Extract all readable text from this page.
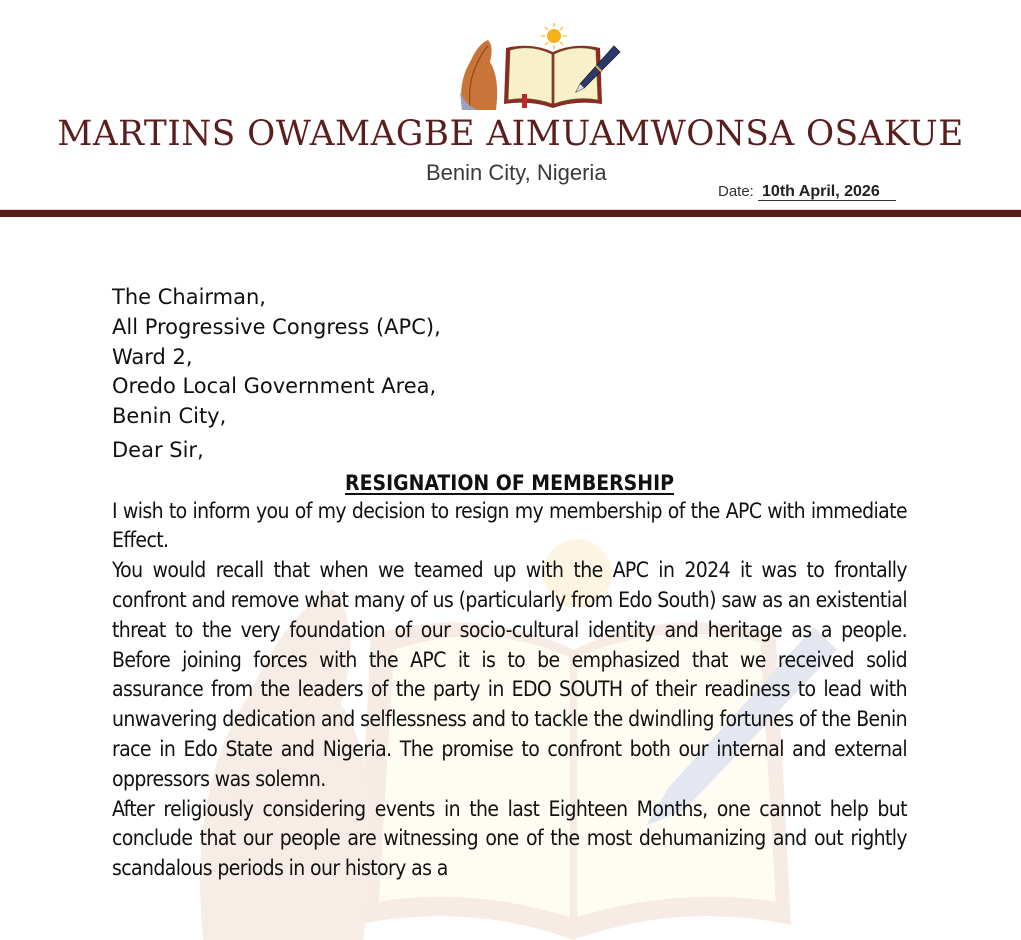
MARTINS OWAMAGBE AIMUAMWONSA OSAKUE
Benin City, Nigeria
Date: 10th April, 2026
The Chairman,
All Progressive Congress (APC),
Ward 2,
Oredo Local Government Area,
Benin City,
Dear Sir,
RESIGNATION OF MEMBERSHIP

I wish to inform you of my decision to resign my membership of the APC with immediate Effect.

You would recall that when we teamed up with the APC in 2024 it was to frontally confront and remove what many of us (particularly from Edo South) saw as an existential threat to the very foundation of our socio-cultural identity and heritage as a people. Before joining forces with the APC it is to be emphasized that we received solid assurance from the leaders of the party in EDO SOUTH of their readiness to lead with unwavering dedication and selflessness and to tackle the dwindling fortunes of the Benin race in Edo State and Nigeria. The promise to confront both our internal and external oppressors was solemn.

After religiously considering events in the last Eighteen Months, one cannot help but conclude that our people are witnessing one of the most dehumanizing and out rightly scandalous periods in our history as a
